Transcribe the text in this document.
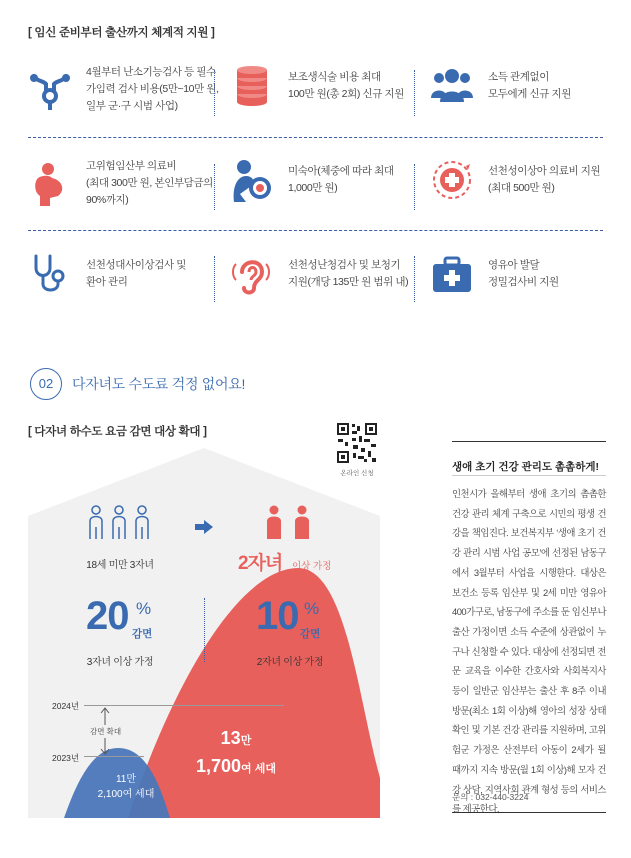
[ 임신 준비부터 출산까지 체계적 지원 ]
4월부터 난소기능검사 등 필수
가임력 검사 비용(5만~10만 원,
일부 군·구 시범 사업)
보조생식술 비용 최대
100만 원(총 2회) 신규 지원
소득 관계없이
모두에게 신규 지원
고위험임산부 의료비
(최대 300만 원, 본인부담금의
90%까지)
미숙아(체중에 따라 최대
1,000만 원)
선천성이상아 의료비 지원
(최대 500만 원)
선천성대사이상검사 및
환아 관리
선천성난청검사 및 보청기
지원(개당 135만 원 범위 내)
영유아 발달
정밀검사비 지원
02	다자녀도 수도료 걱정 없어요!
[ 다자녀 하수도 요금 감면 대상 확대 ]
온라인 신청
18세 미만 3자녀	2자녀 이상 가정
20 %
감면	10 %
감면
3자녀 이상 가정	2자녀 이상 가정
2024년
2023년
감면 확대
11만
2,100여 세대
13만
1,700여 세대
생애 초기 건강 관리도 촘촘하게!
인천시가 올해부터 생애 초기의 촘촘한 건강 관리 체계 구축으로 시민의 평생 건강을 책임진다. 보건복지부 ‘생애 초기 건강 관리 시범 사업 공모’에 선정된 남동구에서 3월부터 사업을 시행한다. 대상은 보건소 등록 임산부 및 2세 미만 영유아 400가구로, 남동구에 주소를 둔 임신부나 출산 가정이면 소득 수준에 상관없이 누구나 신청할 수 있다. 대상에 선정되면 전문 교육을 이수한 간호사와 사회복지사 등이 일반군 임산부는 출산 후 8주 이내 방문(최소 1회 이상)해 영아의 성장 상태 확인 및 기본 건강 관리를 지원하며, 고위험군 가정은 산전부터 아동이 2세가 될 때까지 지속 방문(월 1회 이상)해 모자 건강 상담, 지역사회 관계 형성 등의 서비스를 제공한다.
문의 : 032-440-3224
